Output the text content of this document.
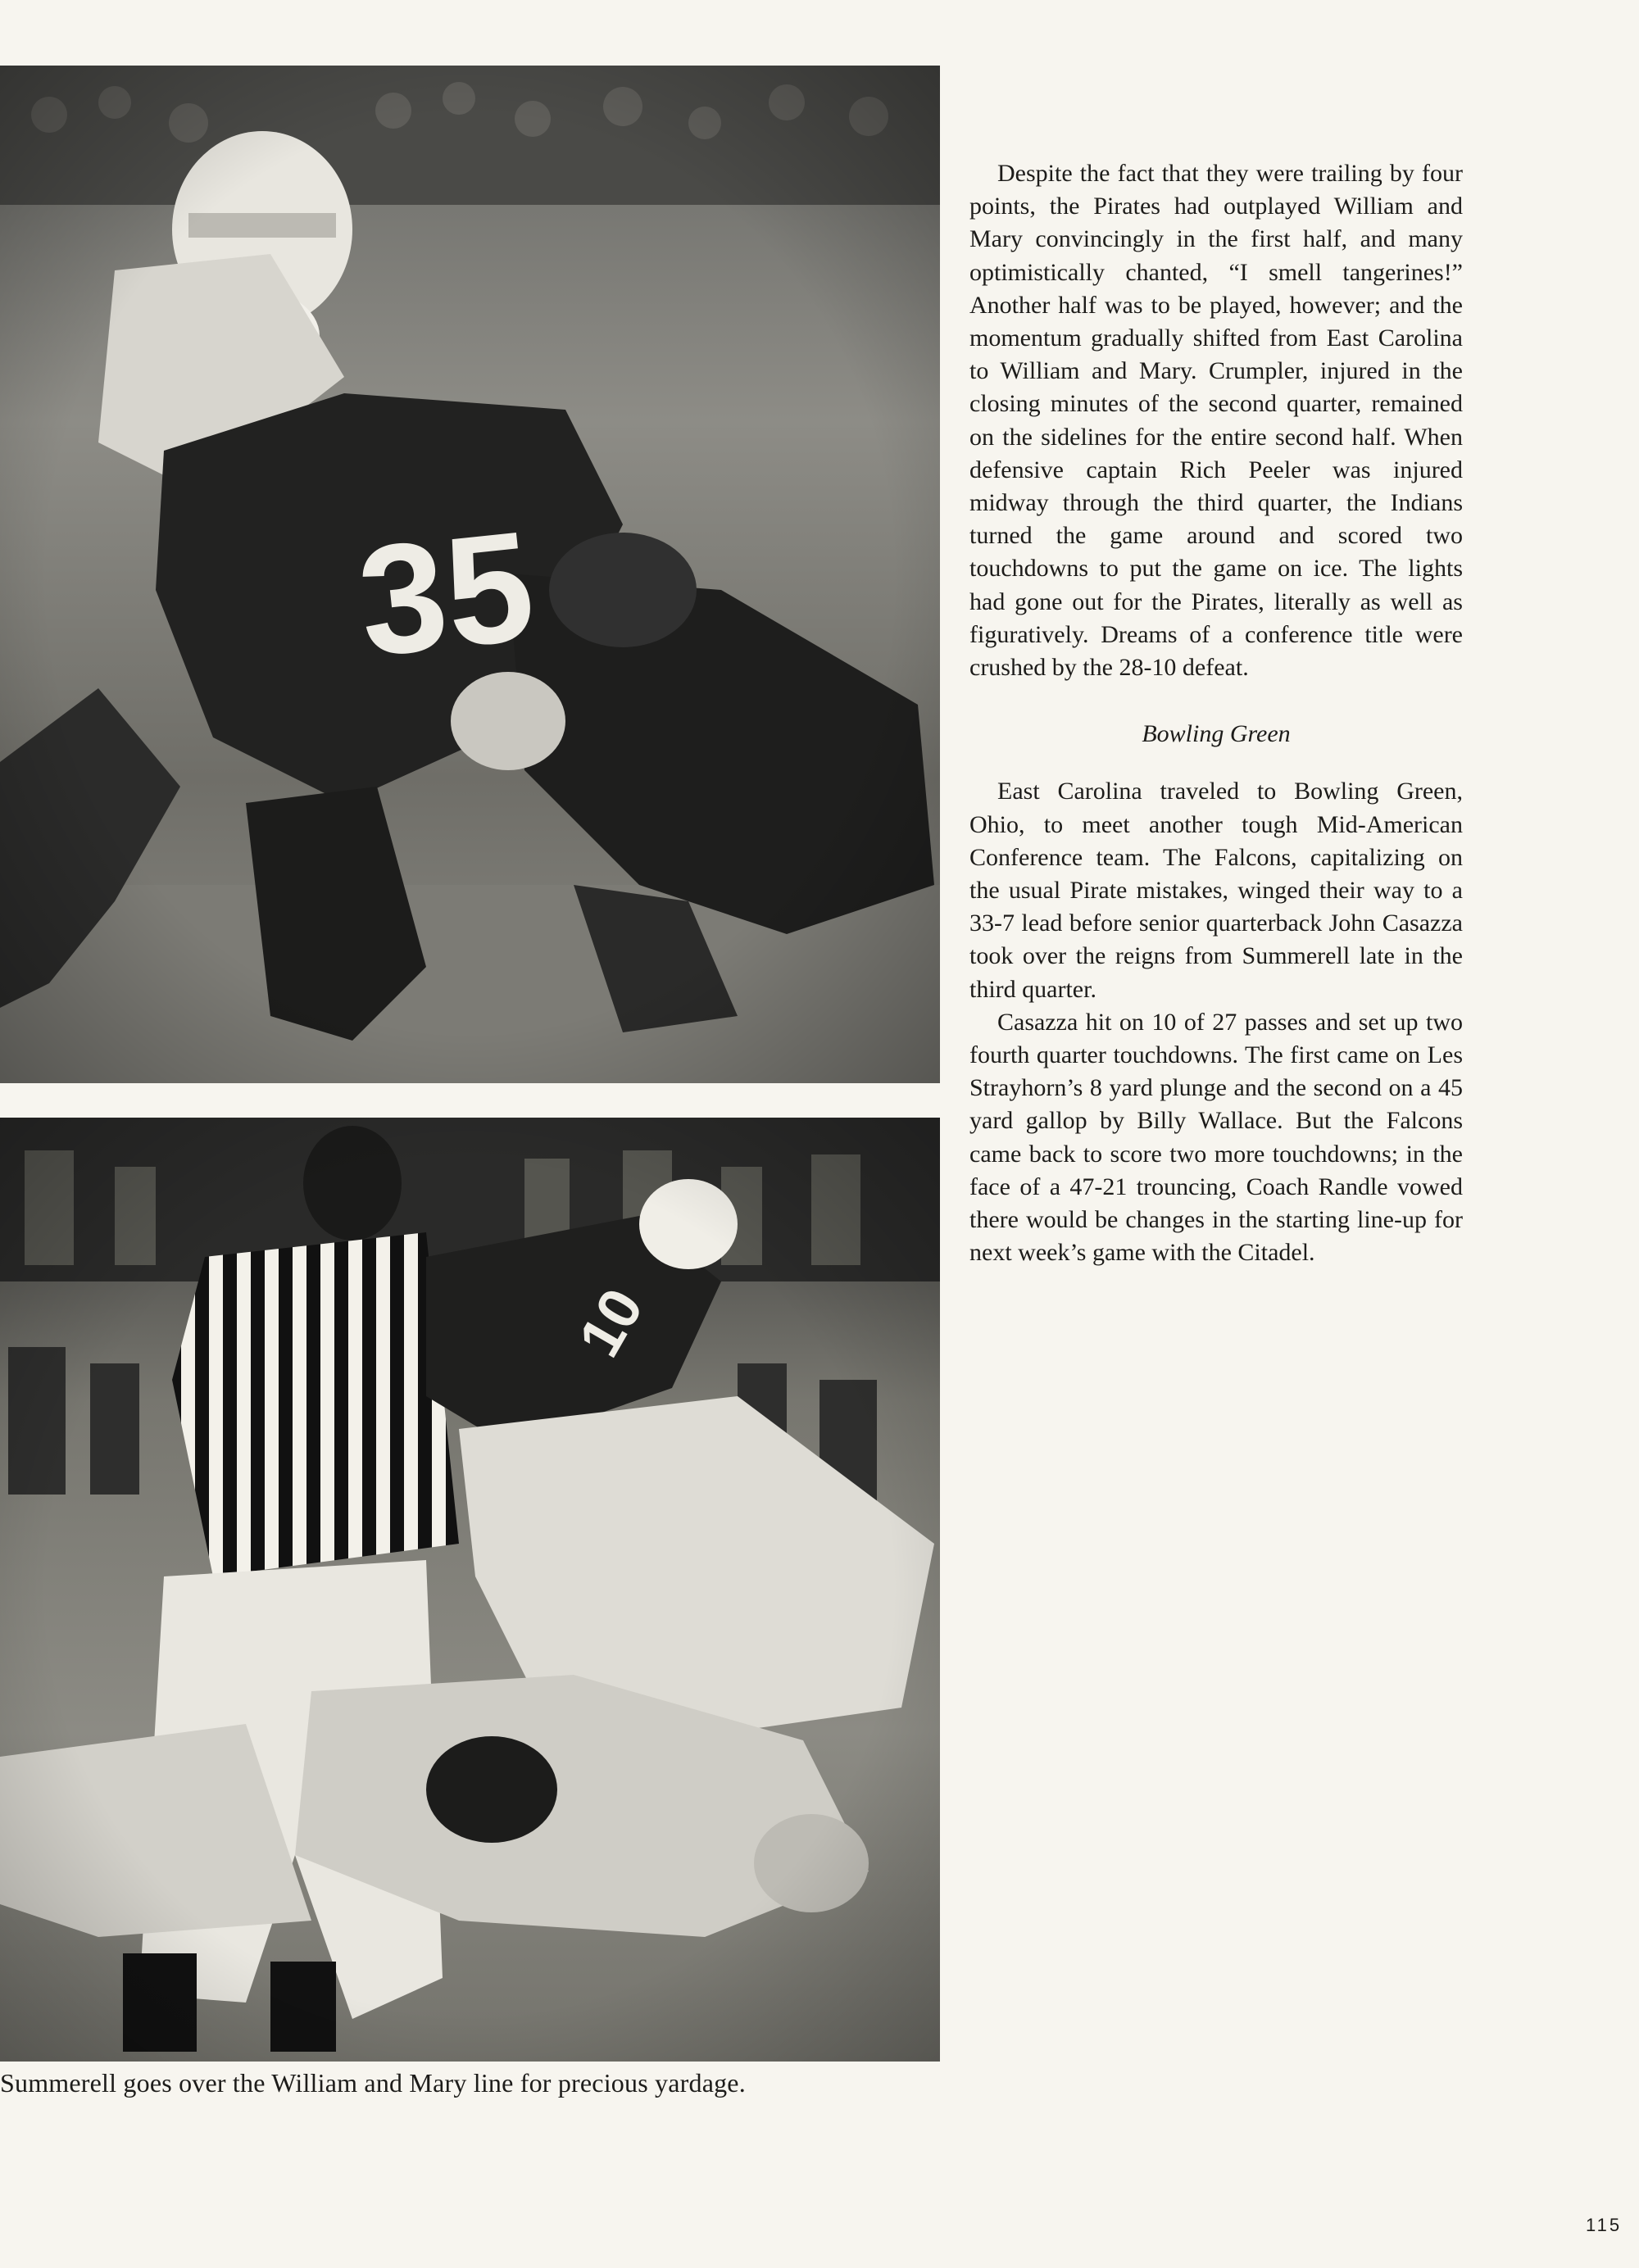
Summerell goes over the William and Mary line for precious yardage.

Despite the fact that they were trailing by four points, the Pirates had outplayed William and Mary convincingly in the first half, and many optimistically chanted, “I smell tangerines!” Another half was to be played, however; and the momentum gradually shifted from East Carolina to William and Mary. Crumpler, injured in the closing minutes of the second quarter, remained on the sidelines for the entire second half. When defensive captain Rich Peeler was injured midway through the third quarter, the Indians turned the game around and scored two touchdowns to put the game on ice. The lights had gone out for the Pirates, literally as well as figuratively. Dreams of a conference title were crushed by the 28-10 defeat.

Bowling Green

East Carolina traveled to Bowling Green, Ohio, to meet another tough Mid-American Conference team. The Falcons, capitalizing on the usual Pirate mistakes, winged their way to a 33-7 lead before senior quarterback John Casazza took over the reigns from Summerell late in the third quarter.

Casazza hit on 10 of 27 passes and set up two fourth quarter touchdowns. The first came on Les Strayhorn’s 8 yard plunge and the second on a 45 yard gallop by Billy Wallace. But the Falcons came back to score two more touchdowns; in the face of a 47-21 trouncing, Coach Randle vowed there would be changes in the starting line-up for next week’s game with the Citadel.

115
